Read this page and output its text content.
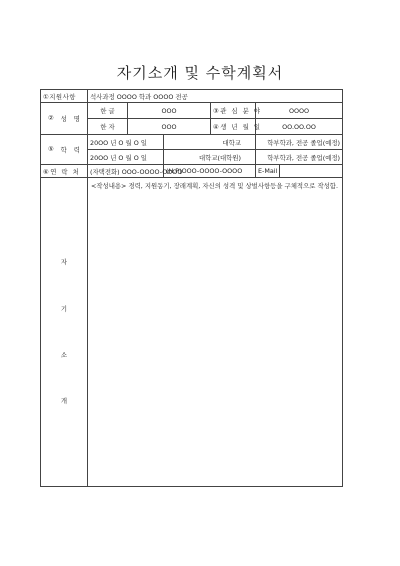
자기소개 및 수학계획서
①지원사항	석사과정 OOOO 학과 OOOO 전공					

② 성 명	한 글	OOO		③관 심 분 야	OOOO	
	한 자	OOO		④생 년 월 일	OO.OO.OO	

⑤ 학 력	20OO 년 O 월 O 일		대학교		학부학과, 전공 졸업(예정)	
	20OO 년 O 월 O 일		대학교(대학원)		학부학과, 전공 졸업(예정)	
⑥연 락 처	(자택전화) OOO-OOOO-OOOO		(H.P)OOO-OOOO-OOOO		E-Mail	

자
기
소
개	<작성내용> 경력, 지원동기, 장래계획, 자신의 성격 및 상벌사항등을 구체적으로 작성함.					
